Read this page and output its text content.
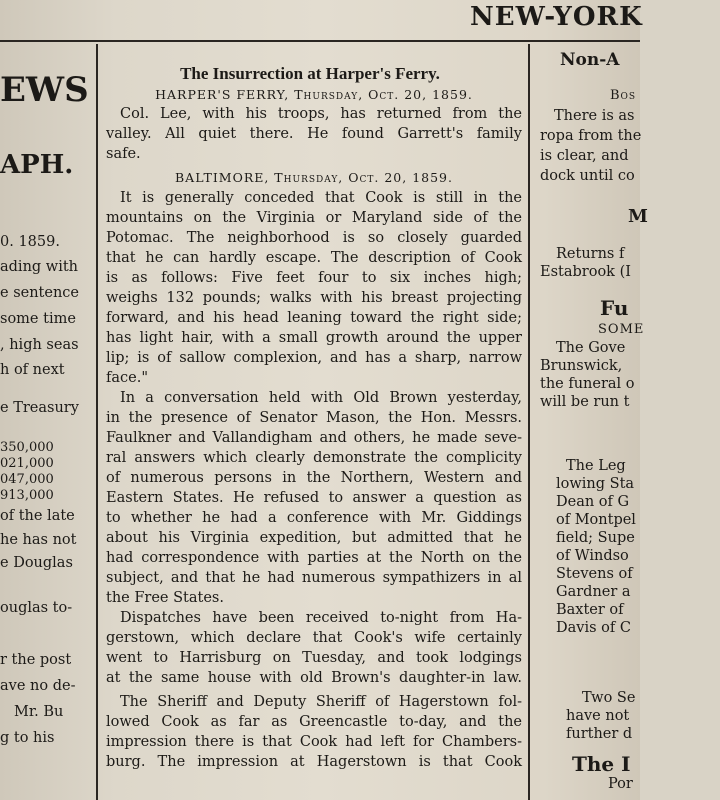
NEW-YORK
EWS
APH.
0. 1859.
ading with
e sentence
some time
, high seas
h of next
e Treasury
350,000
021,000
047,000
913,000
of the late
he has not
e Douglas
ouglas to-
r the post
ave no de-
Mr. Bu
g to his
The Insurrection at Harper's Ferry.
HARPER'S FERRY, Thursday, Oct. 20, 1859.
Col. Lee, with his troops, has returned from the
valley. All quiet there. He found Garrett's family
safe.
BALTIMORE, Thursday, Oct. 20, 1859.
It is generally conceded that Cook is still in the
mountains on the Virginia or Maryland side of the
Potomac. The neighborhood is so closely guarded
that he can hardly escape. The description of Cook
is as follows: Five feet four to six inches high;
weighs 132 pounds; walks with his breast projecting
forward, and his head leaning toward the right side;
has light hair, with a small growth around the upper
lip; is of sallow complexion, and has a sharp, narrow
face."
In a conversation held with Old Brown yesterday,
in the presence of Senator Mason, the Hon. Messrs.
Faulkner and Vallandigham and others, he made seve-
ral answers which clearly demonstrate the complicity
of numerous persons in the Northern, Western and
Eastern States. He refused to answer a question as
to whether he had a conference with Mr. Giddings
about his Virginia expedition, but admitted that he
had correspondence with parties at the North on the
subject, and that he had numerous sympathizers in al
the Free States.
Dispatches have been received to-night from Ha-
gerstown, which declare that Cook's wife certainly
went to Harrisburg on Tuesday, and took lodgings
at the same house with old Brown's daughter-in law.
The Sheriff and Deputy Sheriff of Hagerstown fol-
lowed Cook as far as Greencastle to-day, and the
impression there is that Cook had left for Chambers-
burg. The impression at Hagerstown is that Cook
Non-A
Bos
There is as
ropa from the
is clear, and
dock until co
M
Returns f
Estabrook (I
Fu
SOME
The Gove
Brunswick,
the funeral o
will be run t
The Leg
lowing Sta
Dean of G
of Montpel
field; Supe
of Windso
Stevens of
Gardner a
Baxter of
Davis of C
Two Se
have not
further d
The I
Por
